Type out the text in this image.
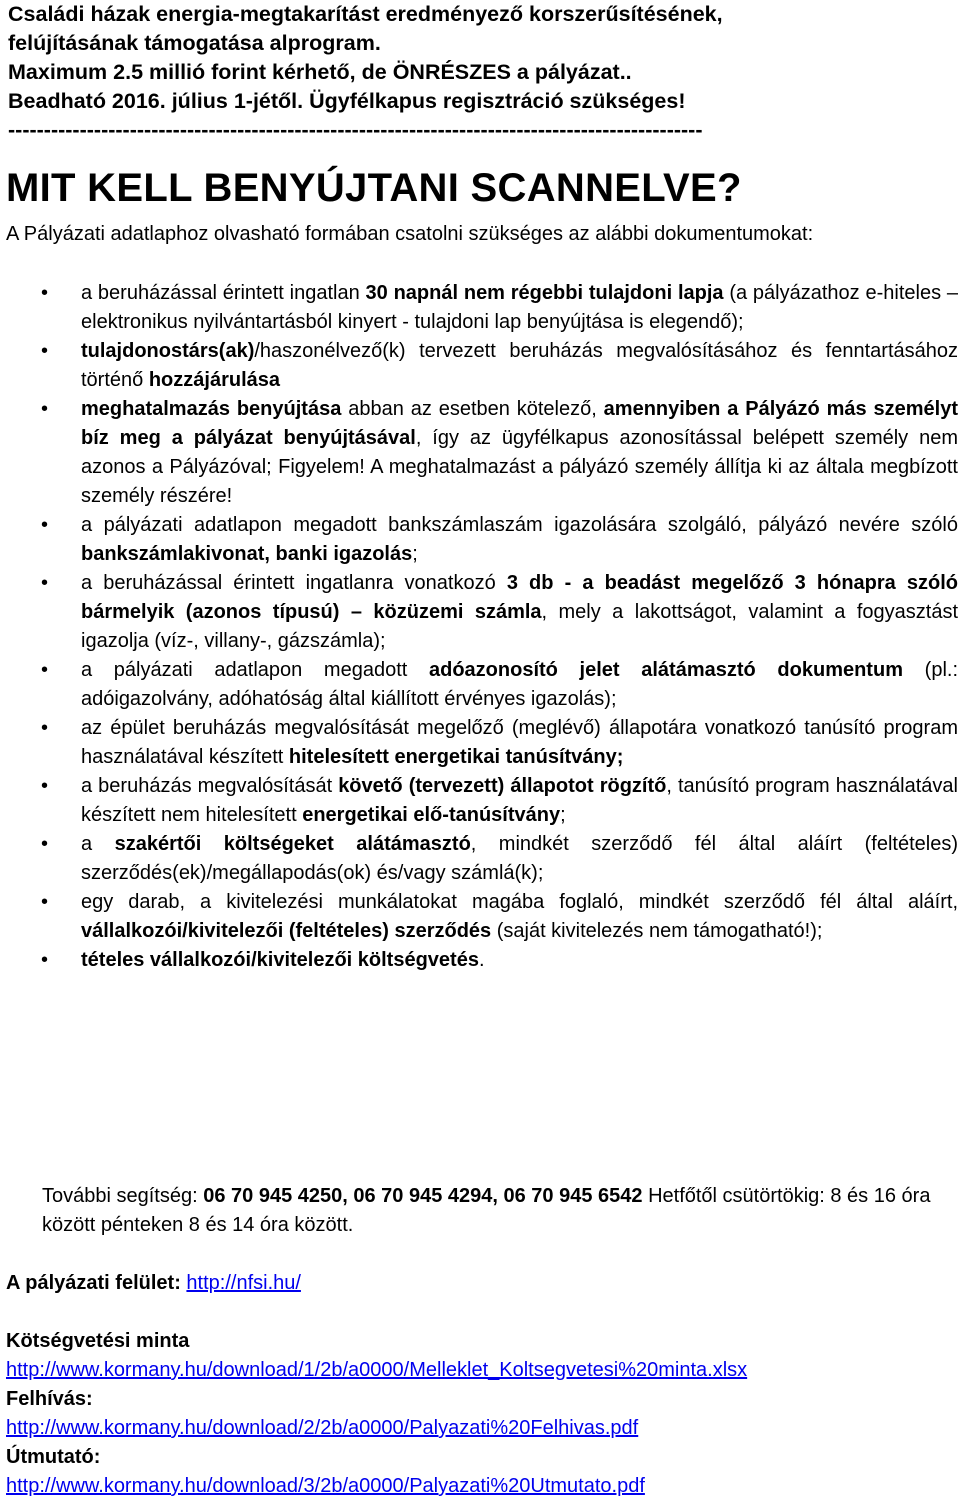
Családi házak energia-megtakarítást eredményező korszerűsítésének,
felújításának támogatása alprogram.
Maximum 2.5 millió forint kérhető, de ÖNRÉSZES a pályázat..
Beadható 2016. július 1-jétől. Ügyfélkapus regisztráció szükséges!
-------------------------------------------------------------------------------------------------
MIT KELL BENYÚJTANI SCANNELVE?
A Pályázati adatlaphoz olvasható formában csatolni szükséges az alábbi dokumentumokat:
• a beruházással érintett ingatlan 30 napnál nem régebbi tulajdoni lapja (a pályázathoz e-hiteles – elektronikus nyilvántartásból kinyert - tulajdoni lap benyújtása is elegendő);
• tulajdonostárs(ak)/haszonélvező(k) tervezett beruházás megvalósításához és fenntartásához történő hozzájárulása
• meghatalmazás benyújtása abban az esetben kötelező, amennyiben a Pályázó más személyt bíz meg a pályázat benyújtásával, így az ügyfélkapus azonosítással belépett személy nem azonos a Pályázóval; Figyelem! A meghatalmazást a pályázó személy állítja ki az általa megbízott személy részére!
• a pályázati adatlapon megadott bankszámlaszám igazolására szolgáló, pályázó nevére szóló bankszámlakivonat, banki igazolás;
• a beruházással érintett ingatlanra vonatkozó 3 db - a beadást megelőző 3 hónapra szóló bármelyik (azonos típusú) – közüzemi számla, mely a lakottságot, valamint a fogyasztást igazolja (víz-, villany-, gázszámla);
• a pályázati adatlapon megadott adóazonosító jelet alátámasztó dokumentum (pl.: adóigazolvány, adóhatóság által kiállított érvényes igazolás);
• az épület beruházás megvalósítását megelőző (meglévő) állapotára vonatkozó tanúsító program használatával készített hitelesített energetikai tanúsítvány;
• a beruházás megvalósítását követő (tervezett) állapotot rögzítő, tanúsító program használatával készített nem hitelesített energetikai elő-tanúsítvány;
• a szakértői költségeket alátámasztó, mindkét szerződő fél által aláírt (feltételes) szerződés(ek)/megállapodás(ok) és/vagy számlá(k);
• egy darab, a kivitelezési munkálatokat magába foglaló, mindkét szerződő fél által aláírt, vállalkozói/kivitelezői (feltételes) szerződés (saját kivitelezés nem támogatható!);
• tételes vállalkozói/kivitelezői költségvetés.
További segítség: 06 70 945 4250, 06 70 945 4294, 06 70 945 6542 Hetfőtől csütörtökig: 8 és 16 óra között pénteken 8 és 14 óra között.
A pályázati felület: http://nfsi.hu/
Kötségvetési minta
http://www.kormany.hu/download/1/2b/a0000/Melleklet_Koltsegvetesi%20minta.xlsx
Felhívás:
http://www.kormany.hu/download/2/2b/a0000/Palyazati%20Felhivas.pdf
Útmutató:
http://www.kormany.hu/download/3/2b/a0000/Palyazati%20Utmutato.pdf
